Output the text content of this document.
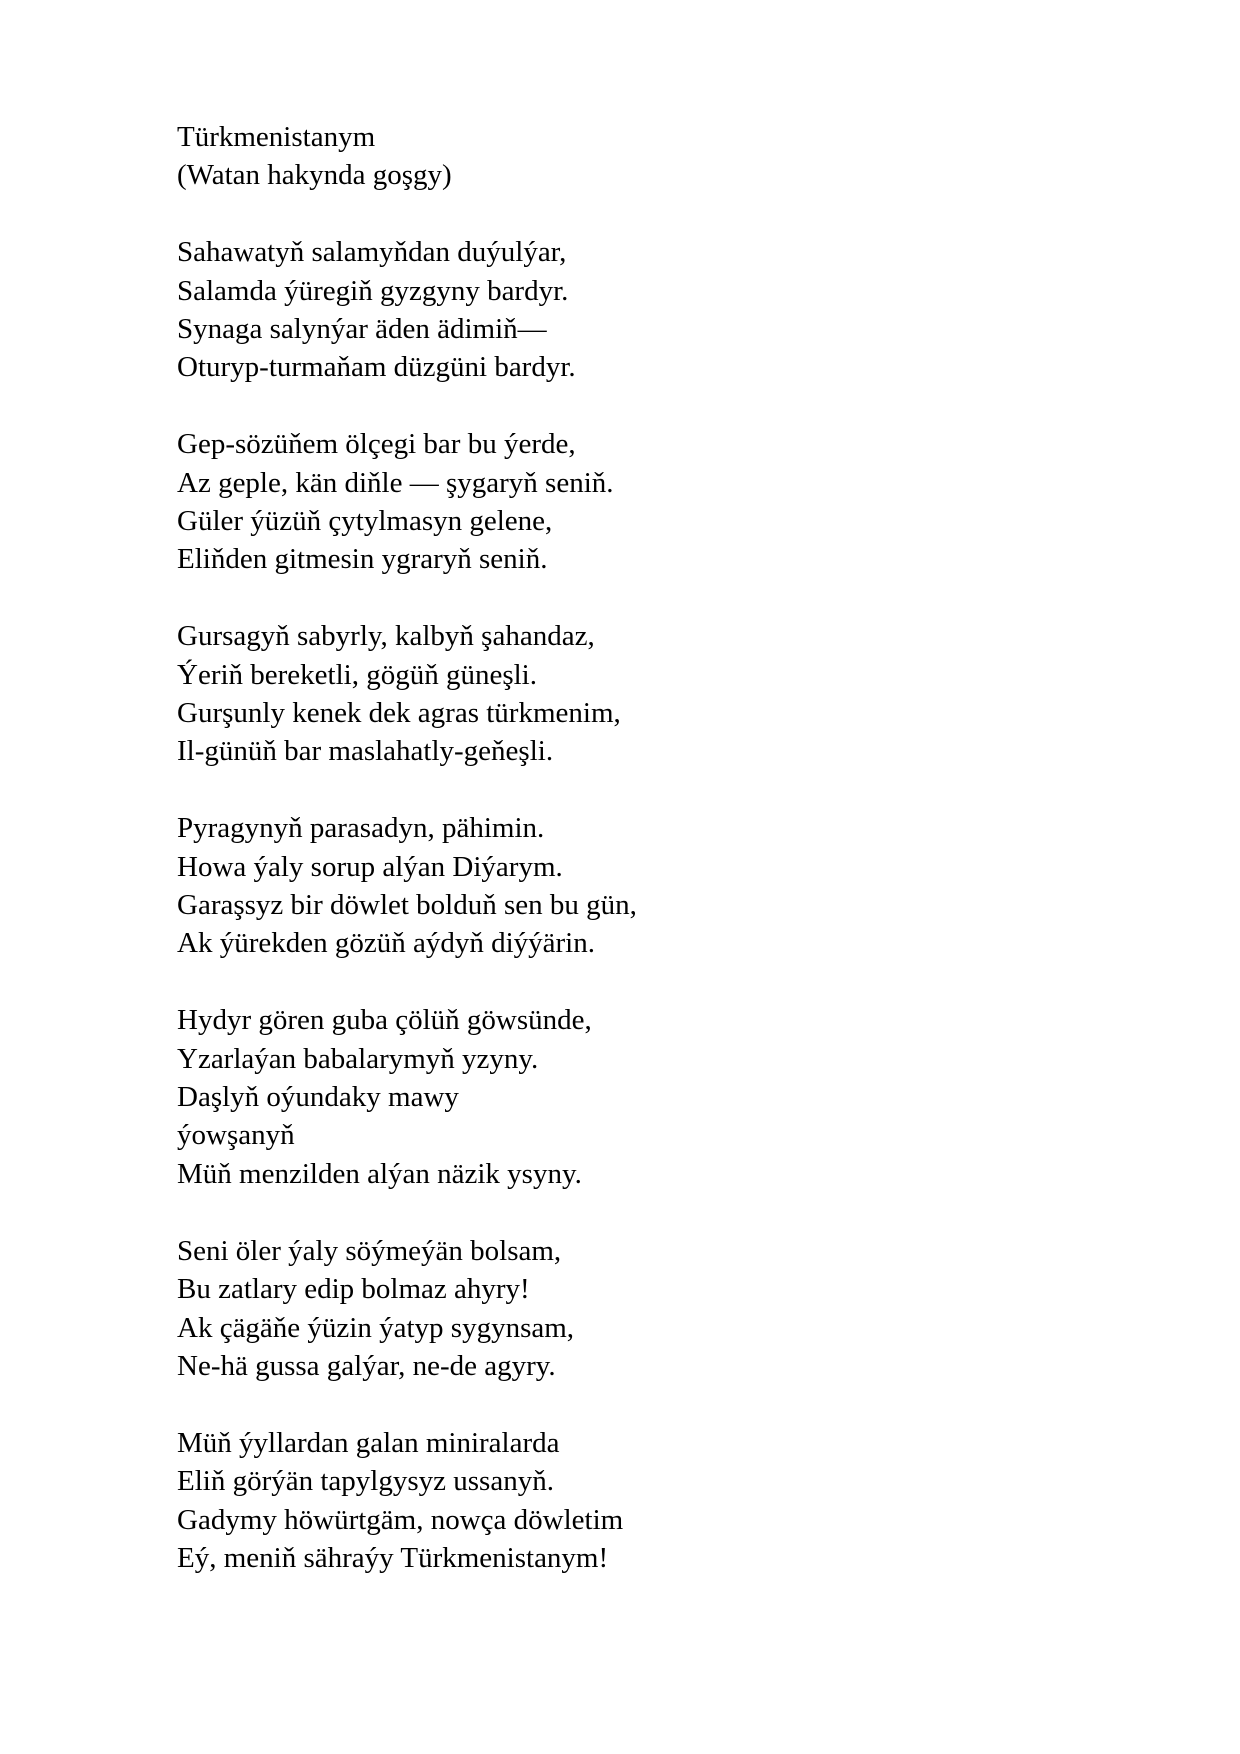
Türkmenistanym
(Watan hakynda goşgy)
Sahawatyň salamyňdan duýulýar,
Salamda ýüregiň gyzgyny bardyr.
Synaga salynýar äden ädimiň—
Oturyp-turmaňam düzgüni bardyr.
Gep-sözüňem ölçegi bar bu ýerde,
Az geple, kän diňle — şygaryň seniň.
Güler ýüzüň çytylmasyn gelene,
Eliňden gitmesin ygraryň seniň.
Gursagyň sabyrly, kalbyň şahandaz,
Ýeriň bereketli, gögüň güneşli.
Gurşunly kenek dek agras türkmenim,
Il-günüň bar maslahatly-geňeşli.
Pyragynyň parasadyn, pähimin.
Howa ýaly sorup alýan Diýarym.
Garaşsyz bir döwlet bolduň sen bu gün,
Ak ýürekden gözüň aýdyň diýýärin.
Hydyr gören guba çölüň göwsünde,
Yzarlaýan babalarymyň yzyny.
Daşlyň oýundaky mawy
ýowşanyň
Müň menzilden alýan näzik ysyny.
Seni öler ýaly söýmeýän bolsam,
Bu zatlary edip bolmaz ahyry!
Ak çägäňe ýüzin ýatyp sygynsam,
Ne-hä gussa galýar, ne-de agyry.
Müň ýyllardan galan miniralarda
Eliň görýän tapylgysyz ussanyň.
Gadymy höwürtgäm, nowça döwletim
Eý, meniň sähraýy Türkmenistanym!
